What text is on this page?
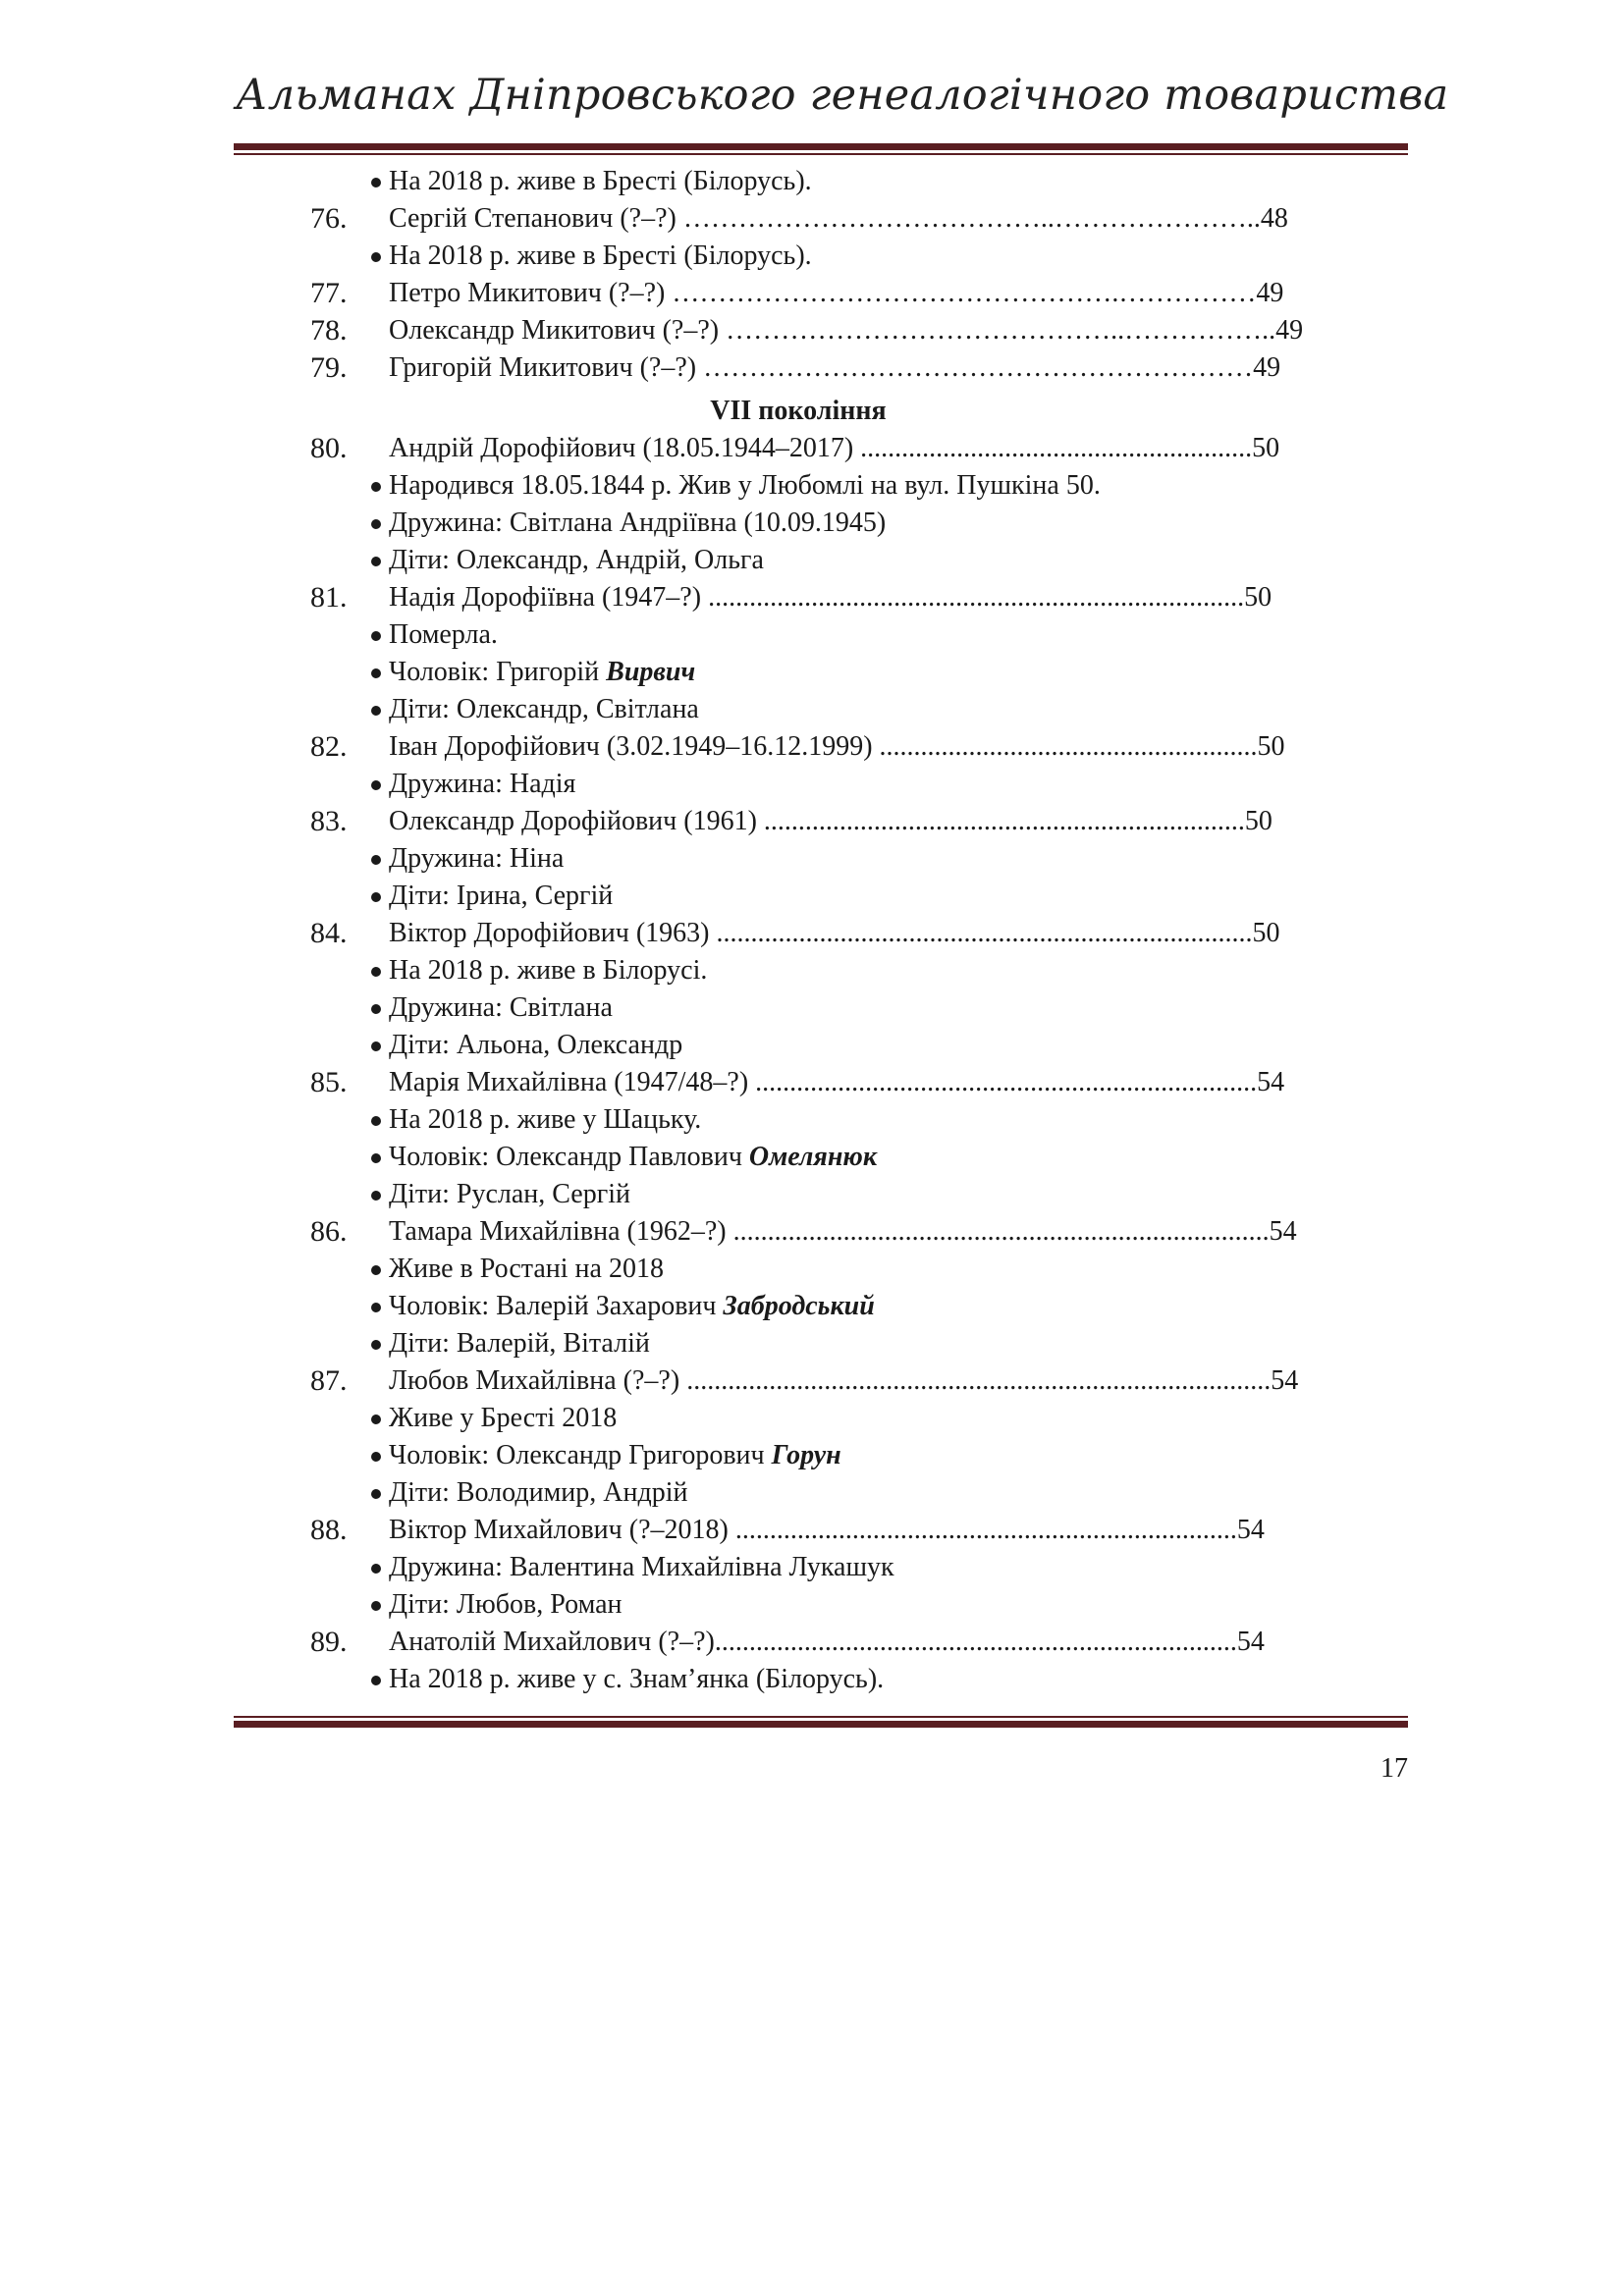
Альманах Дніпровського генеалогічного товариства
На 2018 р. живе в Бресті (Білорусь).
76. Сергій Степанович (?–?) …………………………………..…………………..48
На 2018 р. живе в Бресті (Білорусь).
77. Петро Микитович (?–?) ………………………………………….……………49
78. Олександр Микитович (?–?) ……………………………………..……………..49
79. Григорій Микитович (?–?) ……………………………………………………49
VII покоління
80. Андрій Дорофійович (18.05.1944–2017) .........................................................50
Народився 18.05.1844 р. Жив у Любомлі на вул. Пушкіна 50.
Дружина: Світлана Андріївна (10.09.1945)
Діти: Олександр, Андрій, Ольга
81. Надія Дорофіївна (1947–?) ..............................................................................50
Померла.
Чоловік: Григорій Вирвич
Діти: Олександр, Світлана
82. Іван Дорофійович (3.02.1949–16.12.1999) .......................................................50
Дружина: Надія
83. Олександр Дорофійович (1961) ......................................................................50
Дружина: Ніна
Діти: Ірина, Сергій
84. Віктор Дорофійович (1963) ..............................................................................50
На 2018 р. живе в Білорусі.
Дружина: Світлана
Діти: Альона, Олександр
85. Марія Михайлівна (1947/48–?) .........................................................................54
На 2018 р. живе у Шацьку.
Чоловік: Олександр Павлович Омелянюк
Діти: Руслан, Сергій
86. Тамара Михайлівна (1962–?) ..............................................................................54
Живе в Ростані на 2018
Чоловік: Валерій Захарович Забродський
Діти: Валерій, Віталій
87. Любов Михайлівна (?–?) .....................................................................................54
Живе у Бресті 2018
Чоловік: Олександр Григорович Горун
Діти: Володимир, Андрій
88. Віктор Михайлович (?–2018) .........................................................................54
Дружина: Валентина Михайлівна Лукашук
Діти: Любов, Роман
89. Анатолій Михайлович (?–?)............................................................................54
На 2018 р. живе у с. Знам’янка (Білорусь).
17
